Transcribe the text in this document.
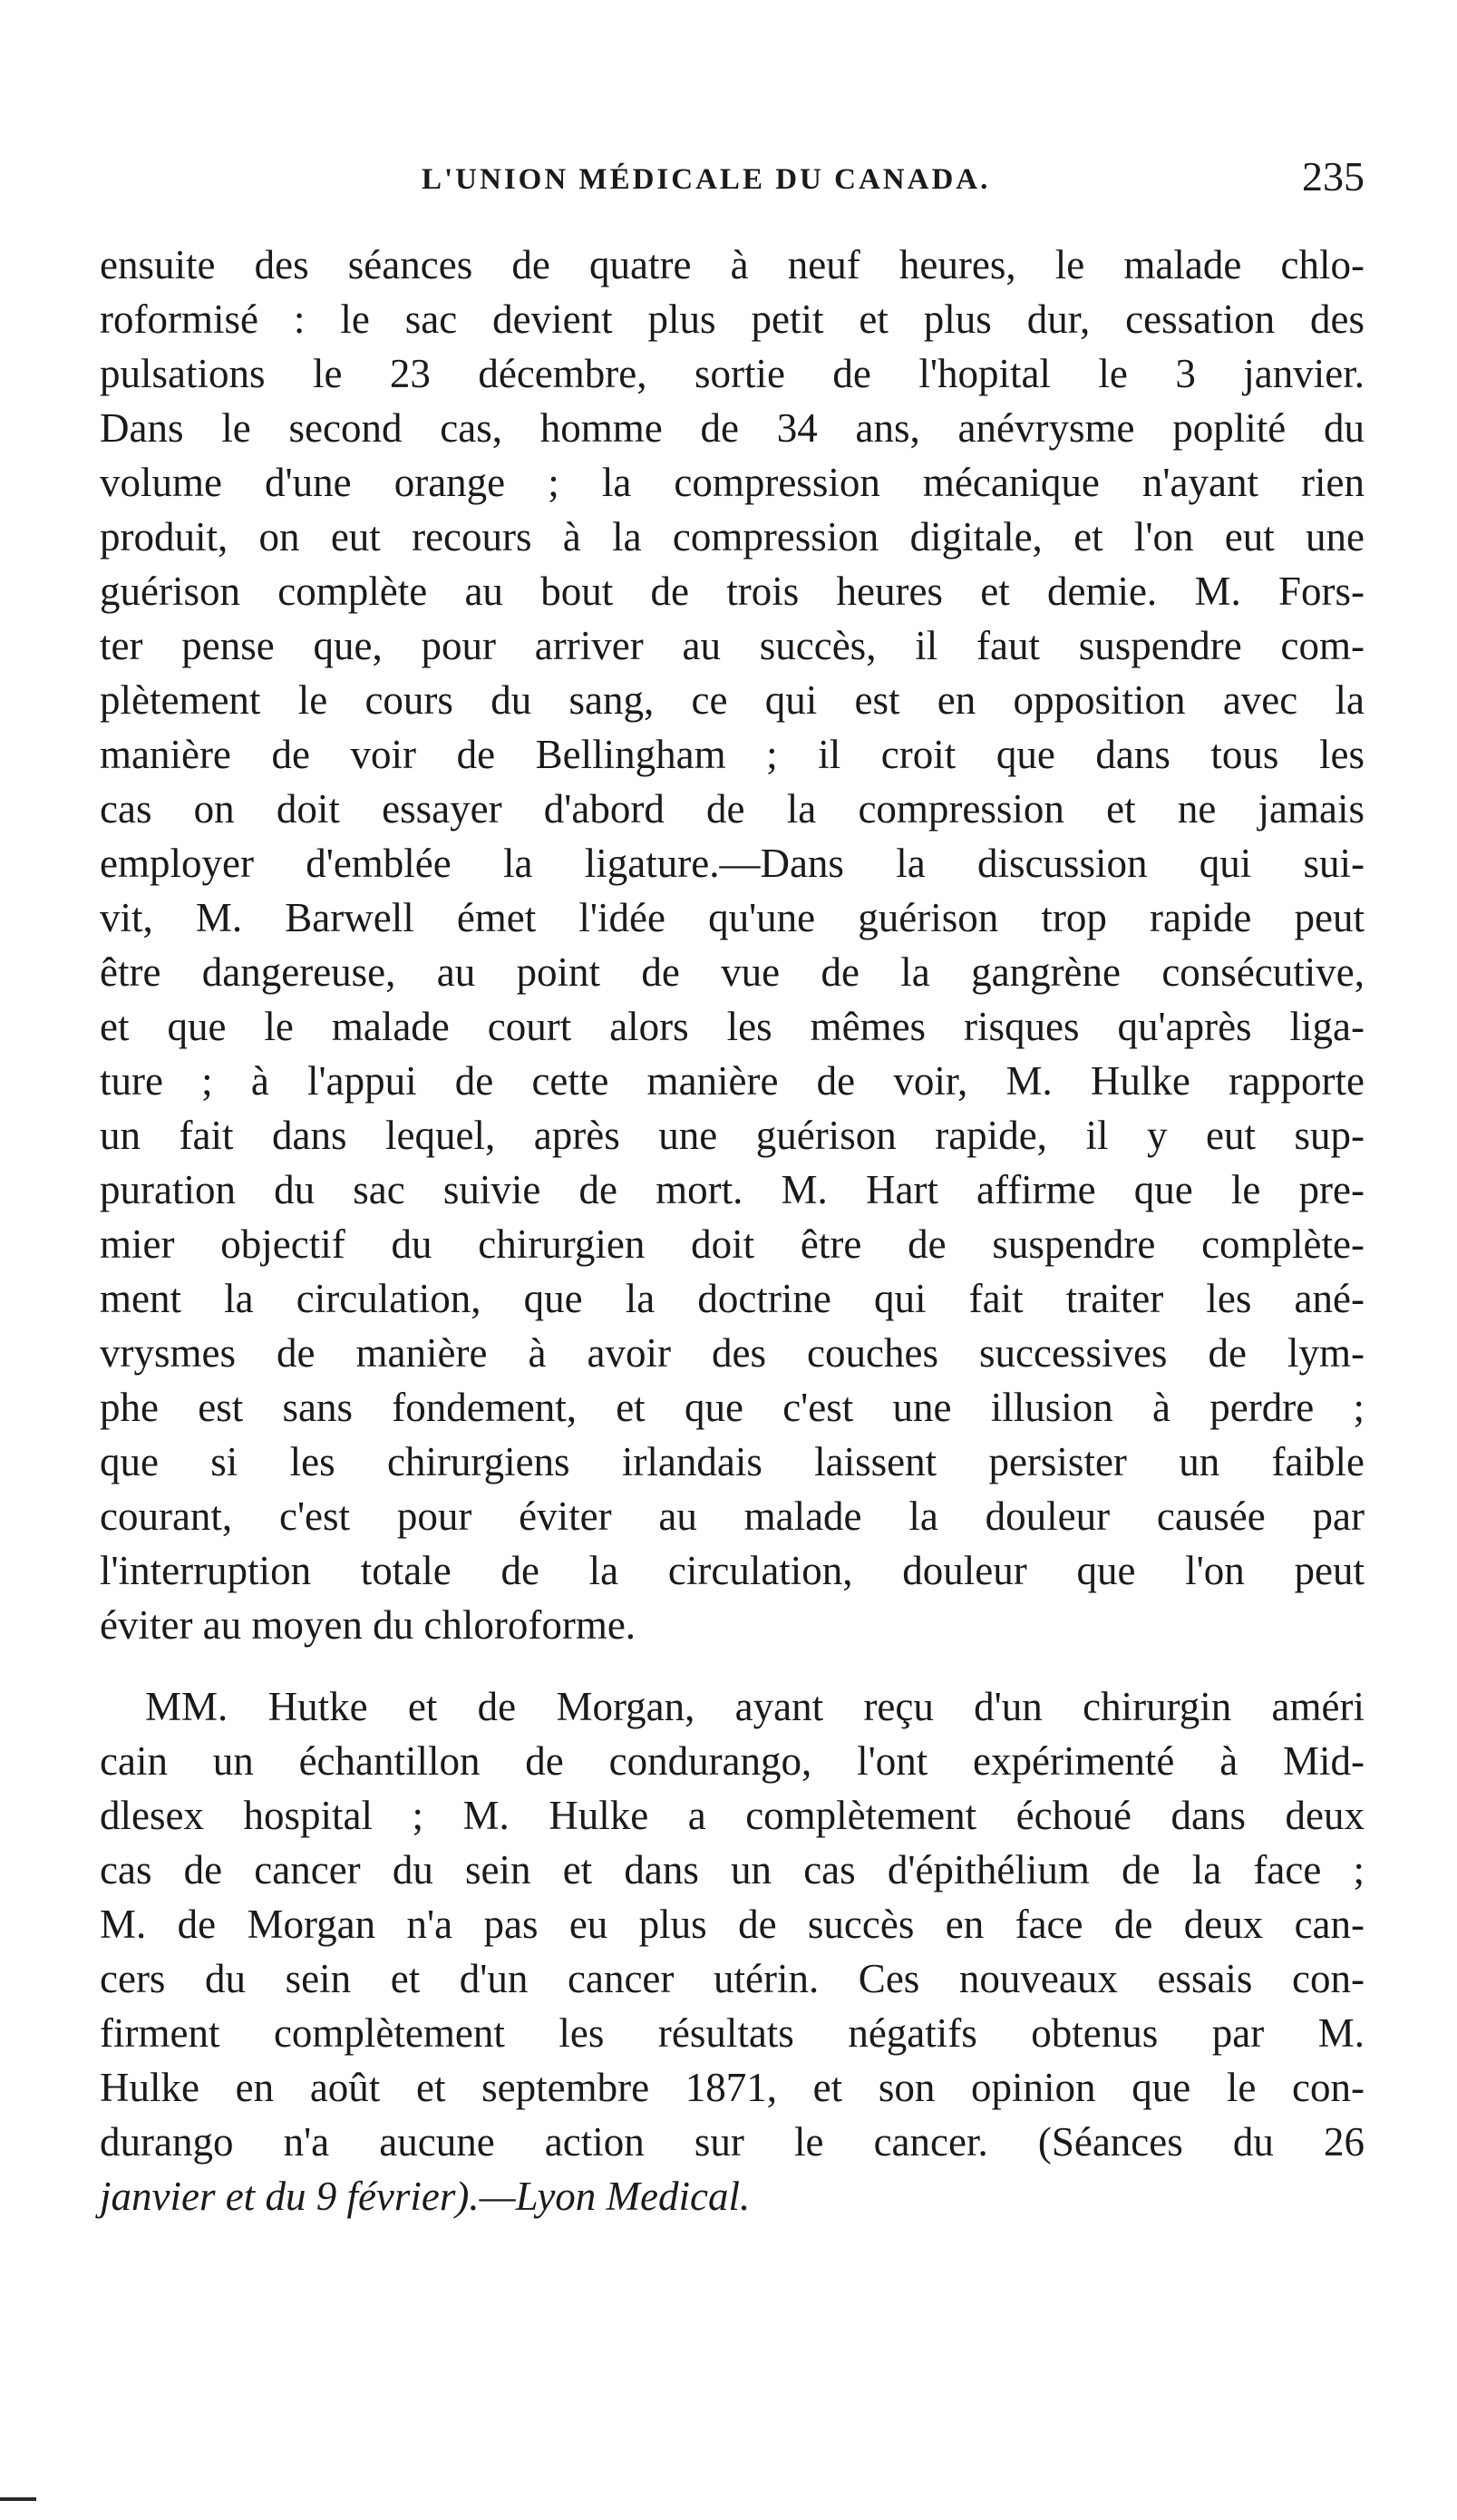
L'UNION MÉDICALE DU CANADA.	235
ensuite des séances de quatre à neuf heures, le malade chlo-
roformisé : le sac devient plus petit et plus dur, cessation des
pulsations le 23 décembre, sortie de l'hopital le 3 janvier.
Dans le second cas, homme de 34 ans, anévrysme poplité du
volume d'une orange ; la compression mécanique n'ayant rien
produit, on eut recours à la compression digitale, et l'on eut une
guérison complète au bout de trois heures et demie. M. Fors-
ter pense que, pour arriver au succès, il faut suspendre com-
plètement le cours du sang, ce qui est en opposition avec la
manière de voir de Bellingham ; il croit que dans tous les
cas on doit essayer d'abord de la compression et ne jamais
employer d'emblée la ligature.—Dans la discussion qui sui-
vit, M. Barwell émet l'idée qu'une guérison trop rapide peut
être dangereuse, au point de vue de la gangrène consécutive,
et que le malade court alors les mêmes risques qu'après liga-
ture ; à l'appui de cette manière de voir, M. Hulke rapporte
un fait dans lequel, après une guérison rapide, il y eut sup-
puration du sac suivie de mort. M. Hart affirme que le pre-
mier objectif du chirurgien doit être de suspendre complète-
ment la circulation, que la doctrine qui fait traiter les ané-
vrysmes de manière à avoir des couches successives de lym-
phe est sans fondement, et que c'est une illusion à perdre ;
que si les chirurgiens irlandais laissent persister un faible
courant, c'est pour éviter au malade la douleur causée par
l'interruption totale de la circulation, douleur que l'on peut
éviter au moyen du chloroforme.
MM. Hutke et de Morgan, ayant reçu d'un chirurgin améri
cain un échantillon de condurango, l'ont expérimenté à Mid-
dlesex hospital ; M. Hulke a complètement échoué dans deux
cas de cancer du sein et dans un cas d'épithélium de la face ;
M. de Morgan n'a pas eu plus de succès en face de deux can-
cers du sein et d'un cancer utérin. Ces nouveaux essais con-
firment complètement les résultats négatifs obtenus par M.
Hulke en août et septembre 1871, et son opinion que le con-
durango n'a aucune action sur le cancer. (Séances du 26
janvier et du 9 février).—Lyon Medical.
